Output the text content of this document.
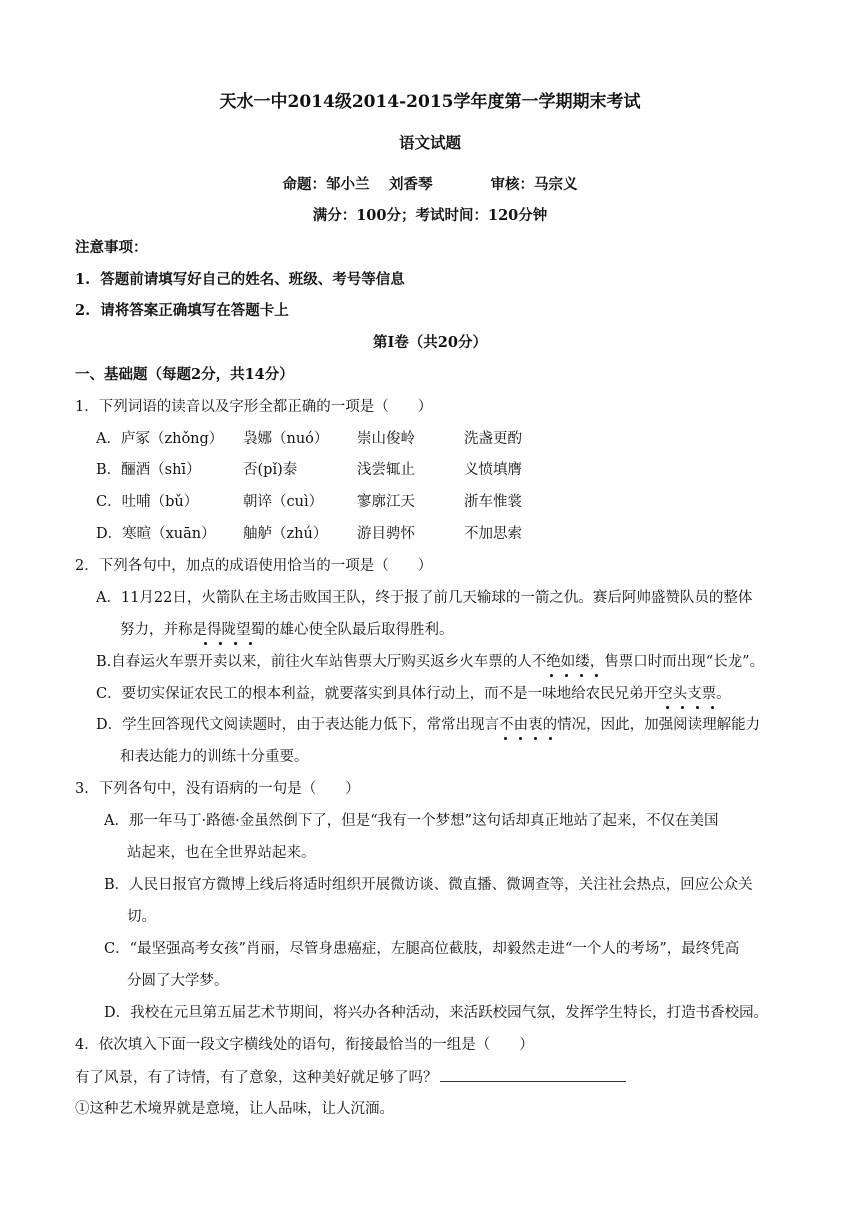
天水一中2014级2014-2015学年度第一学期期末考试
语文试题
命题：邹小兰　 刘香琴　　　　审核：马宗义
满分：100分；考试时间：120分钟
注意事项：
1.  答题前请填写好自己的姓名、班级、考号等信息
2.  请将答案正确填写在答题卡上
第Ⅰ卷（共20分）
一、基础题（每题2分，共14分）
1．下列词语的读音以及字形全都正确的一项是（　　）
A．庐冢（zhǒng） 袅娜（nuó） 崇山俊岭	洗盏更酌
B．酾酒（shī）	否(pǐ)泰	浅尝辄止	义愤填膺
C．吐哺（bǔ）	朝谇（cuì） 寥廓江天	浙车惟裳
D．寒暄（xuān） 舳舻（zhú） 游目骋怀	不加思索
2．下列各句中，加点的成语使用恰当的一项是（　　）
A．11月22日，火箭队在主场击败国王队，终于报了前几天输球的一箭之仇。赛后阿帅盛赞队员的整体
努力，并称是得陇望蜀的雄心使全队最后取得胜利。
B.自春运火车票开卖以来，前往火车站售票大厅购买返乡火车票的人不绝如缕，售票口时而出现“长龙”。
C．要切实保证农民工的根本利益，就要落实到具体行动上，而不是一味地给农民兄弟开空头支票。
D．学生回答现代文阅读题时，由于表达能力低下，常常出现言不由衷的情况，因此，加强阅读理解能力
和表达能力的训练十分重要。
3．下列各句中，没有语病的一句是（　　）
A．那一年马丁·路德·金虽然倒下了，但是“我有一个梦想”这句话却真正地站了起来，不仅在美国
站起来，也在全世界站起来。
B．人民日报官方微博上线后将适时组织开展微访谈、微直播、微调查等，关注社会热点，回应公众关
切。
C．“最坚强高考女孩”肖丽，尽管身患癌症，左腿高位截肢，却毅然走进“一个人的考场”，最终凭高
分圆了大学梦。
D．我校在元旦第五届艺术节期间，将兴办各种活动，来活跃校园气氛，发挥学生特长，打造书香校园。
4．依次填入下面一段文字横线处的语句，衔接最恰当的一组是（　　）
有了风景，有了诗情，有了意象，这种美好就足够了吗？
①这种艺术境界就是意境，让人品味，让人沉湎。
